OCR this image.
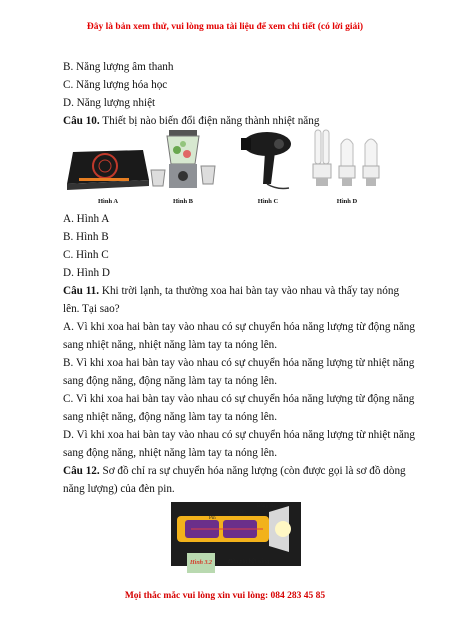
Đây là bản xem thử, vui lòng mua tài liệu để xem chi tiết (có lời giải)
B. Năng lượng âm thanh
C. Năng lượng hóa học
D. Năng lượng nhiệt
Câu 10. Thiết bị nào biến đổi điện năng thành nhiệt năng
Hình A	Hình B	Hình C	Hình D
A. Hình A
B. Hình B
C. Hình C
D. Hình D
Câu 11. Khi trời lạnh, ta thường xoa hai bàn tay vào nhau và thấy tay nóng lên. Tại sao?
A. Vì khi xoa hai bàn tay vào nhau có sự chuyển hóa năng lượng từ động năng
sang nhiệt năng, nhiệt năng làm tay ta nóng lên.
B. Vì khi xoa hai bàn tay vào nhau có sự chuyển hóa năng lượng từ nhiệt năng
sang động năng, động năng làm tay ta nóng lên.
C. Vì khi xoa hai bàn tay vào nhau có sự chuyển hóa năng lượng từ động năng
sang nhiệt năng, động năng làm tay ta nóng lên.
D. Vì khi xoa hai bàn tay vào nhau có sự chuyển hóa năng lượng từ nhiệt năng
sang động năng, nhiệt năng làm tay ta nóng lên.
Câu 12. Sơ đồ chỉ ra sự chuyển hóa năng lượng (còn được gọi là sơ đồ dòng năng lượng) của đèn pin.
Pin
Dây dẫn
Bóng đèn
Hình 3.2	Đèn pin bật sáng
Mọi thắc mắc vui lòng xin vui lòng: 084 283 45 85
